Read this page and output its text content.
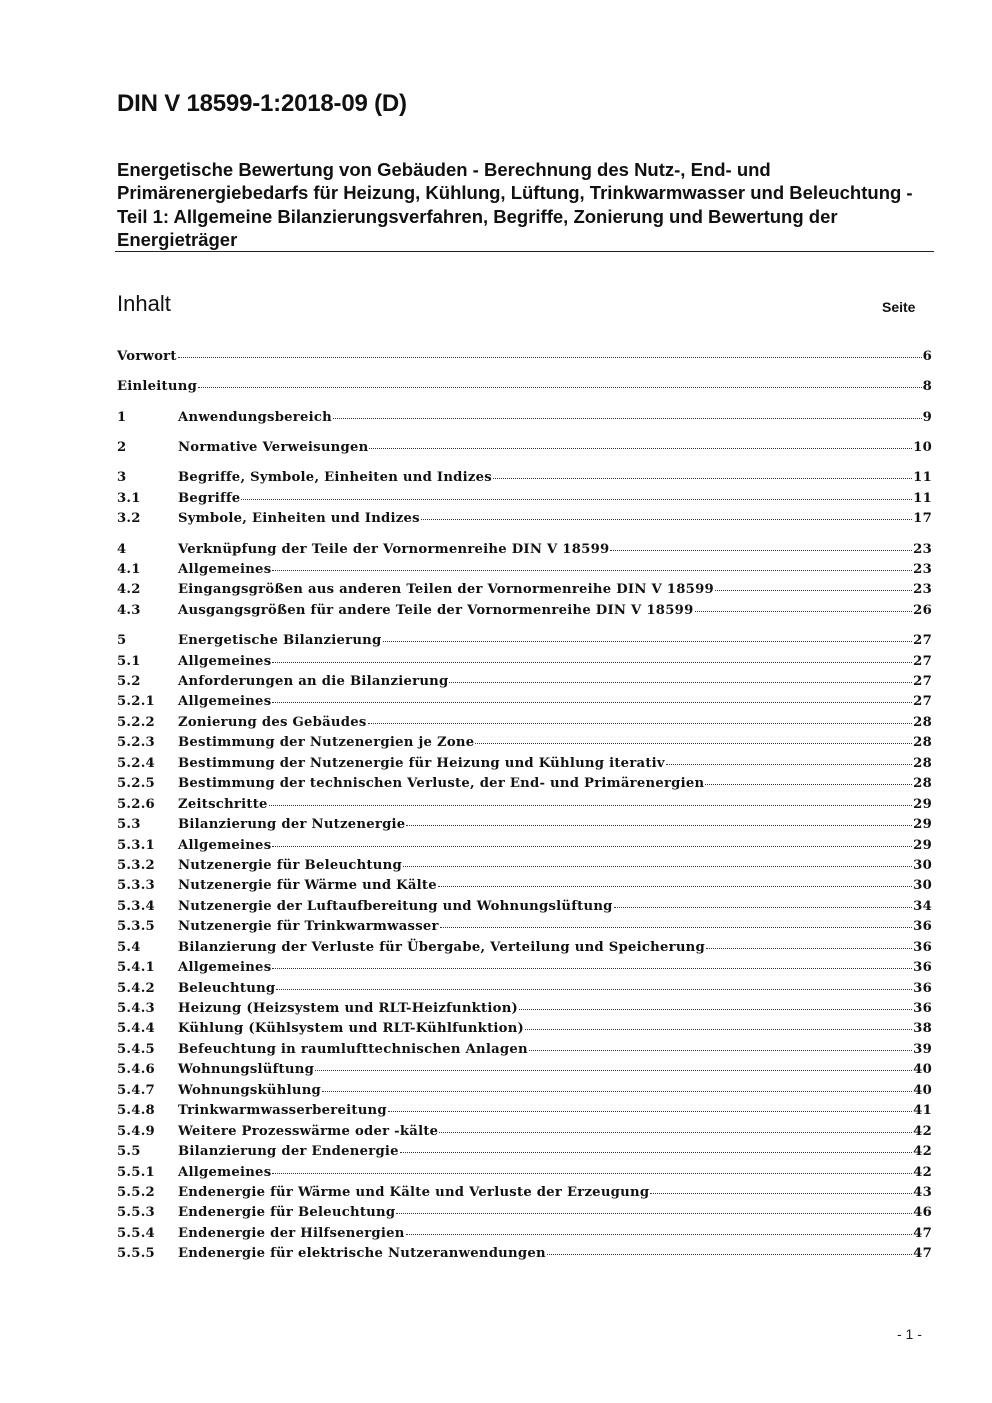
DIN V 18599-1:2018-09 (D)
Energetische Bewertung von Gebäuden - Berechnung des Nutz-, End- und Primärenergiebedarfs für Heizung, Kühlung, Lüftung, Trinkwarmwasser und Beleuchtung - Teil 1: Allgemeine Bilanzierungsverfahren, Begriffe, Zonierung und Bewertung der Energieträger
Inhalt	Seite
Vorwort	6
Einleitung	8
1	Anwendungsbereich	9
2	Normative Verweisungen	10
3	Begriffe, Symbole, Einheiten und Indizes	11
3.1	Begriffe	11
3.2	Symbole, Einheiten und Indizes	17
4	Verknüpfung der Teile der Vornormenreihe DIN V 18599	23
4.1	Allgemeines	23
4.2	Eingangsgrößen aus anderen Teilen der Vornormenreihe DIN V 18599	23
4.3	Ausgangsgrößen für andere Teile der Vornormenreihe DIN V 18599	26
5	Energetische Bilanzierung	27
5.1	Allgemeines	27
5.2	Anforderungen an die Bilanzierung	27
5.2.1	Allgemeines	27
5.2.2	Zonierung des Gebäudes	28
5.2.3	Bestimmung der Nutzenergien je Zone	28
5.2.4	Bestimmung der Nutzenergie für Heizung und Kühlung iterativ	28
5.2.5	Bestimmung der technischen Verluste, der End- und Primärenergien	28
5.2.6	Zeitschritte	29
5.3	Bilanzierung der Nutzenergie	29
5.3.1	Allgemeines	29
5.3.2	Nutzenergie für Beleuchtung	30
5.3.3	Nutzenergie für Wärme und Kälte	30
5.3.4	Nutzenergie der Luftaufbereitung und Wohnungslüftung	34
5.3.5	Nutzenergie für Trinkwarmwasser	36
5.4	Bilanzierung der Verluste für Übergabe, Verteilung und Speicherung	36
5.4.1	Allgemeines	36
5.4.2	Beleuchtung	36
5.4.3	Heizung (Heizsystem und RLT-Heizfunktion)	36
5.4.4	Kühlung (Kühlsystem und RLT-Kühlfunktion)	38
5.4.5	Befeuchtung in raumlufttechnischen Anlagen	39
5.4.6	Wohnungslüftung	40
5.4.7	Wohnungskühlung	40
5.4.8	Trinkwarmwasserbereitung	41
5.4.9	Weitere Prozesswärme oder -kälte	42
5.5	Bilanzierung der Endenergie	42
5.5.1	Allgemeines	42
5.5.2	Endenergie für Wärme und Kälte und Verluste der Erzeugung	43
5.5.3	Endenergie für Beleuchtung	46
5.5.4	Endenergie der Hilfsenergien	47
5.5.5	Endenergie für elektrische Nutzeranwendungen	47
- 1 -
